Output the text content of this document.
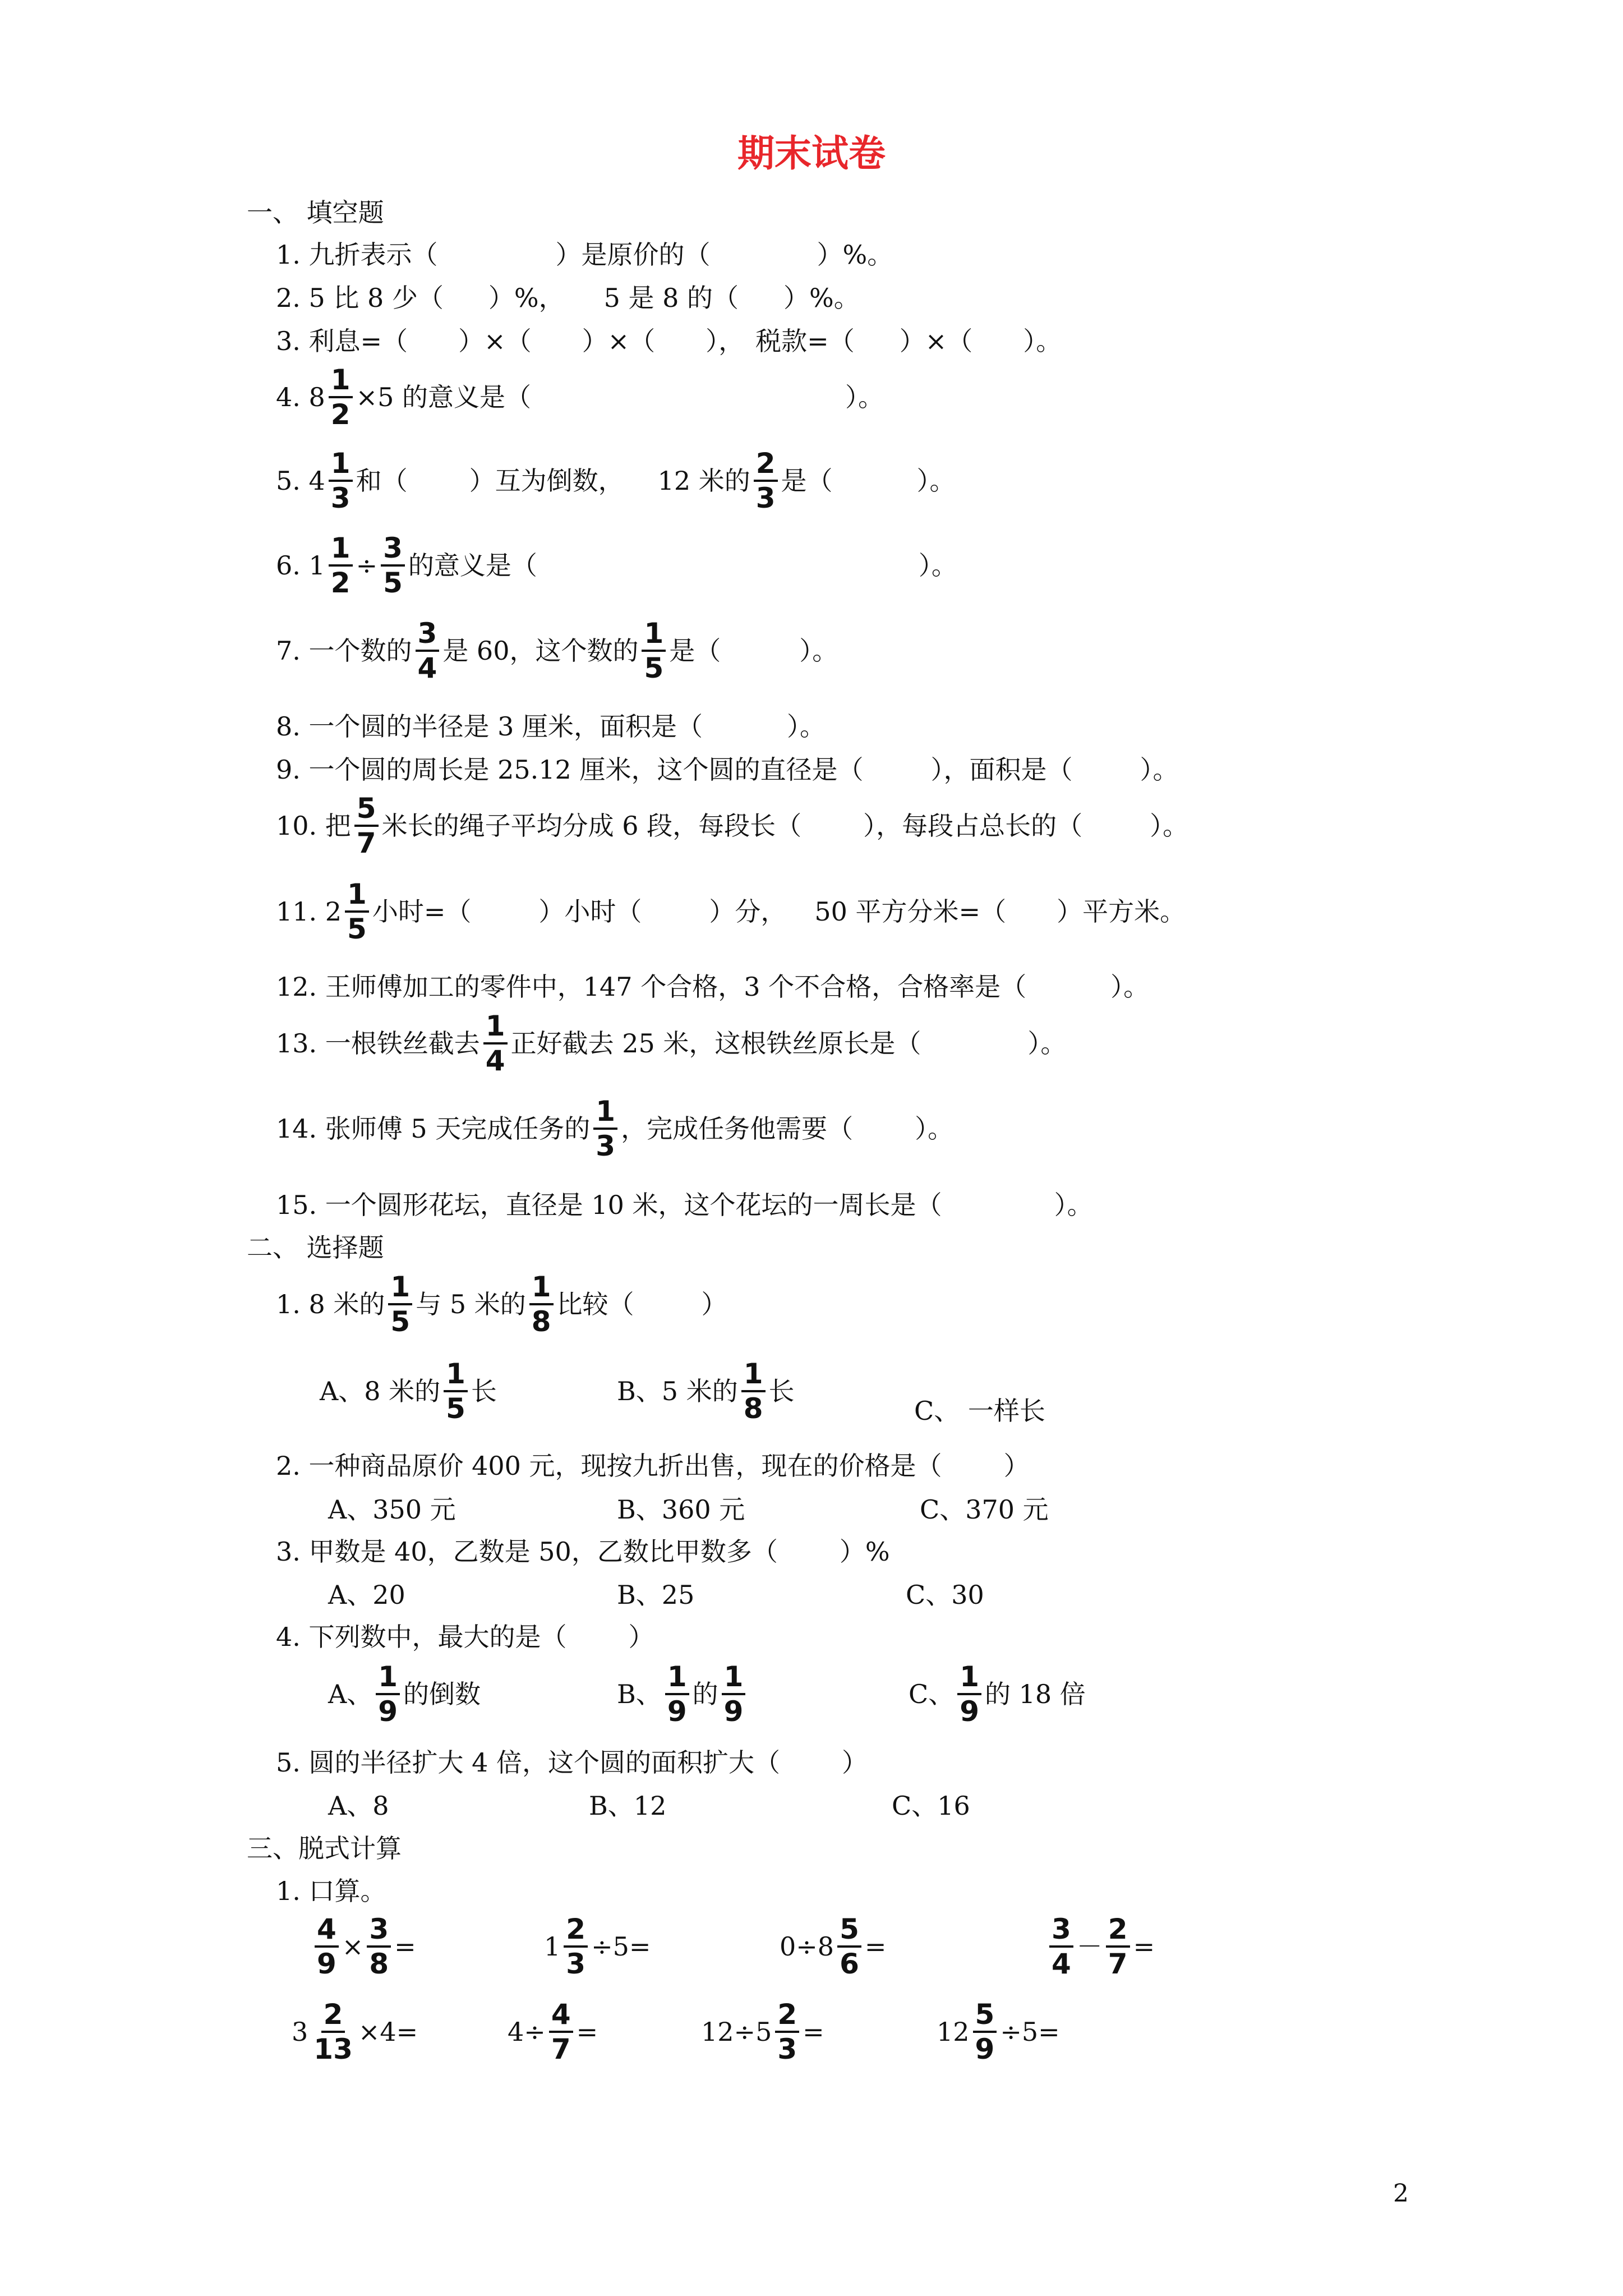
期末试卷
一、 填空题
1. 九折表示（	）是原价的（	）%。
2. 5 比 8 少（ ）%， 5 是 8 的（ ）%。
3. 利息=（ ）×（ ）×（ ）， 税款=（ ）×（ ）。
4. $8 \frac{1}{2} \times 5$ 的意义是（	）。
5. $4 \frac{1}{3}$ 和（ ）互为倒数， 12 米的 $\frac{2}{3}$ 是（	）。
6. $1 \frac{1}{2} \div \frac{3}{5}$ 的意义是（	）。
7. 一个数的 $\frac{3}{4}$ 是 60，这个数的 $\frac{1}{5}$ 是（	）。
8. 一个圆的半径是 3 厘米，面积是（	）。
9. 一个圆的周长是 25.12 厘米，这个圆的直径是（	），面积是（	）。
10. 把 $\frac{5}{7}$ 米长的绳子平均分成 6 段，每段长（ ），每段占总长的（	）。
11. $2 \frac{1}{5}$ 小时=（	）小时（	）分， 50 平方分米=（ ）平方米。
12. 王师傅加工的零件中，147 个合格，3 个不合格，合格率是（	）。
13. 一根铁丝截去 $\frac{1}{4}$ 正好截去 25 米，这根铁丝原长是（	）。
14. 张师傅 5 天完成任务的 $\frac{1}{3}$ ，完成任务他需要（ ）。
15. 一个圆形花坛，直径是 10 米，这个花坛的一周长是（	）。
二、 选择题
1. 8 米的 $\frac{1}{5}$ 与 5 米的 $\frac{1}{8}$ 比较（	）
A、8 米的 $\frac{1}{5}$ 长	B、5 米的 $\frac{1}{8}$ 长
C、 一样长
2. 一种商品原价 400 元，现按九折出售，现在的价格是（ ）
A、350 元	B、360 元	C、370 元
3. 甲数是 40，乙数是 50，乙数比甲数多（ ）%
A、20	B、25	C、30
4. 下列数中，最大的是（ ）
A、 $\frac{1}{9}$ 的倒数	B、 $\frac{1}{9}$ 的 $\frac{1}{9}$	C、 $\frac{1}{9}$ 的 18 倍
5. 圆的半径扩大 4 倍，这个圆的面积扩大（ ）
A、8	B、12	C、16
三、脱式计算
1. 口算。
$\frac{4}{9} \times \frac{3}{8}$ =	$1 \frac{2}{3} \div 5=$	$0\div 8 \frac{5}{6}$ =	$\frac{3}{4} - \frac{2}{7}$ =
$3 \frac{2}{13} \times 4=$	$4\div \frac{4}{7}$ =	$12\div 5 \frac{2}{3}$ =	$12 \frac{5}{9} \div 5=$
2
